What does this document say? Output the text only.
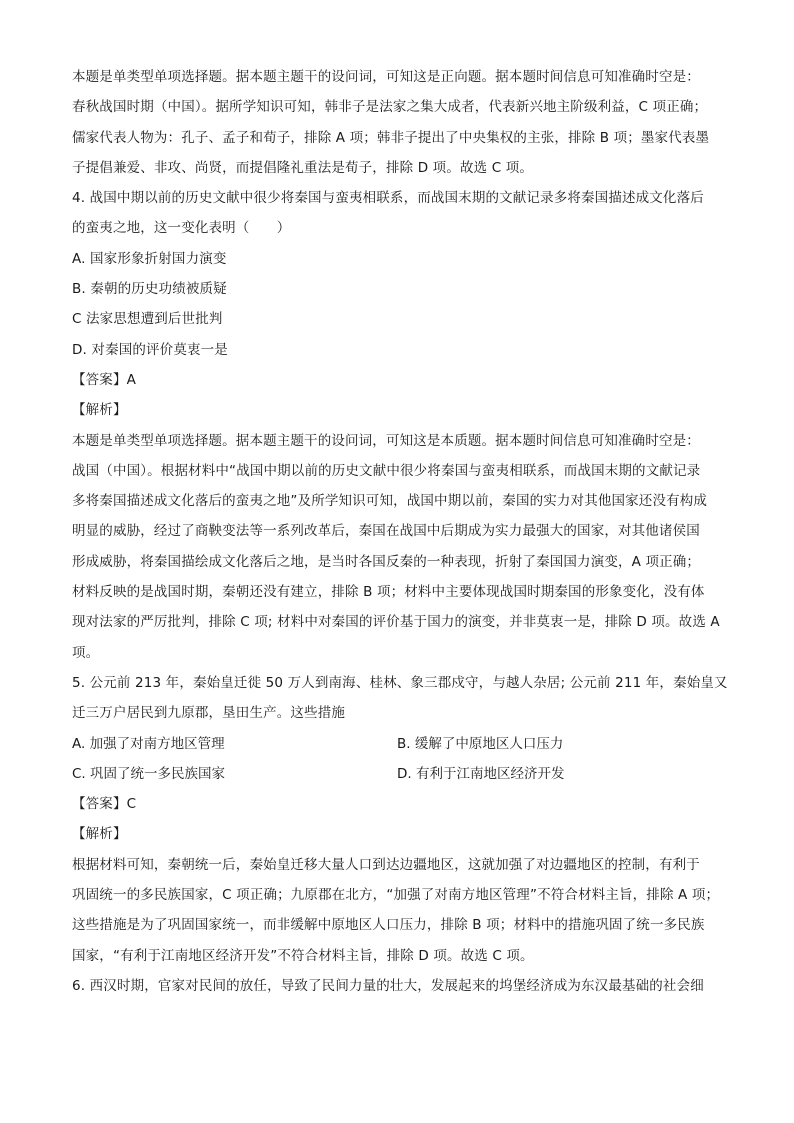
本题是单类型单项选择题。据本题主题干的设问词，可知这是正向题。据本题时间信息可知准确时空是：
春秋战国时期（中国）。据所学知识可知，韩非子是法家之集大成者，代表新兴地主阶级利益，C 项正确；
儒家代表人物为：孔子、孟子和荀子，排除 A 项；韩非子提出了中央集权的主张，排除 B 项；墨家代表墨
子提倡兼爱、非攻、尚贤，而提倡隆礼重法是荀子，排除 D 项。故选 C 项。
4. 战国中期以前的历史文献中很少将秦国与蛮夷相联系，而战国末期的文献记录多将秦国描述成文化落后
的蛮夷之地，这一变化表明（　　）
A. 国家形象折射国力演变
B. 秦朝的历史功绩被质疑
C 法家思想遭到后世批判
D. 对秦国的评价莫衷一是
【答案】A
【解析】
本题是单类型单项选择题。据本题主题干的设问词，可知这是本质题。据本题时间信息可知准确时空是：
战国（中国）。根据材料中“战国中期以前的历史文献中很少将秦国与蛮夷相联系，而战国末期的文献记录
多将秦国描述成文化落后的蛮夷之地”及所学知识可知，战国中期以前，秦国的实力对其他国家还没有构成
明显的威胁，经过了商鞅变法等一系列改革后，秦国在战国中后期成为实力最强大的国家，对其他诸侯国
形成威胁，将秦国描绘成文化落后之地，是当时各国反秦的一种表现，折射了秦国国力演变，A 项正确；
材料反映的是战国时期，秦朝还没有建立，排除 B 项；材料中主要体现战国时期秦国的形象变化，没有体
现对法家的严厉批判，排除 C 项; 材料中对秦国的评价基于国力的演变，并非莫衷一是，排除 D 项。故选 A
项。
5. 公元前 213 年，秦始皇迁徙 50 万人到南海、桂林、象三郡戍守，与越人杂居; 公元前 211 年，秦始皇又
迁三万户居民到九原郡，垦田生产。这些措施
A. 加强了对南方地区管理	B. 缓解了中原地区人口压力
C. 巩固了统一多民族国家	D. 有利于江南地区经济开发
【答案】C
【解析】
根据材料可知，秦朝统一后，秦始皇迁移大量人口到达边疆地区，这就加强了对边疆地区的控制，有利于
巩固统一的多民族国家，C 项正确；九原郡在北方，“加强了对南方地区管理”不符合材料主旨，排除 A 项；
这些措施是为了巩固国家统一，而非缓解中原地区人口压力，排除 B 项；材料中的措施巩固了统一多民族
国家，“有利于江南地区经济开发”不符合材料主旨，排除 D 项。故选 C 项。
6. 西汉时期，官家对民间的放任，导致了民间力量的壮大，发展起来的坞堡经济成为东汉最基础的社会细
